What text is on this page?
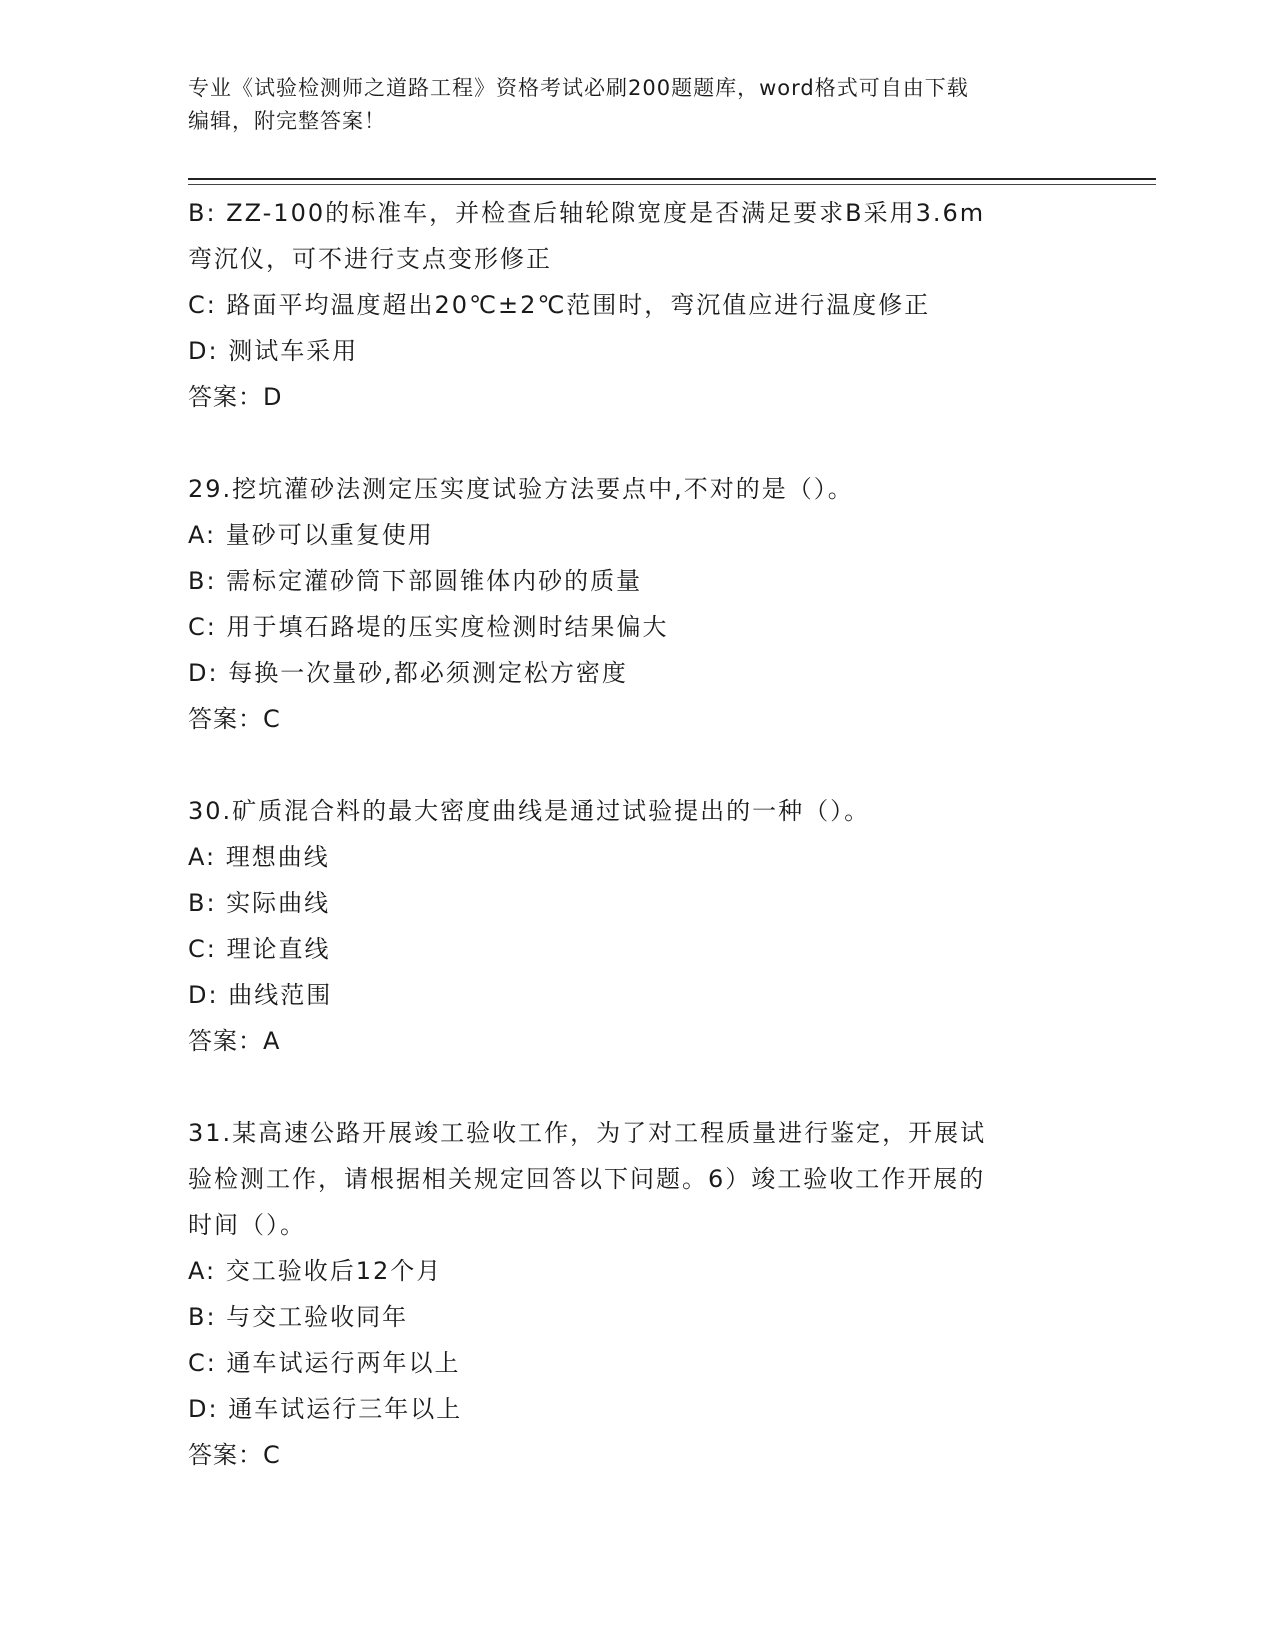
专业《试验检测师之道路工程》资格考试必刷200题题库，word格式可自由下载
编辑，附完整答案！
B: ZZ-100的标准车，并检查后轴轮隙宽度是否满足要求B采用3.6m
弯沉仪，可不进行支点变形修正
C: 路面平均温度超出20℃±2℃范围时，弯沉值应进行温度修正
D: 测试车采用
答案：D
29.挖坑灌砂法测定压实度试验方法要点中,不对的是（）。
A: 量砂可以重复使用
B: 需标定灌砂筒下部圆锥体内砂的质量
C: 用于填石路堤的压实度检测时结果偏大
D: 每换一次量砂,都必须测定松方密度
答案：C
30.矿质混合料的最大密度曲线是通过试验提出的一种（）。
A: 理想曲线
B: 实际曲线
C: 理论直线
D: 曲线范围
答案：A
31.某高速公路开展竣工验收工作，为了对工程质量进行鉴定，开展试
验检测工作，请根据相关规定回答以下问题。6）竣工验收工作开展的
时间（）。
A: 交工验收后12个月
B: 与交工验收同年
C: 通车试运行两年以上
D: 通车试运行三年以上
答案：C
